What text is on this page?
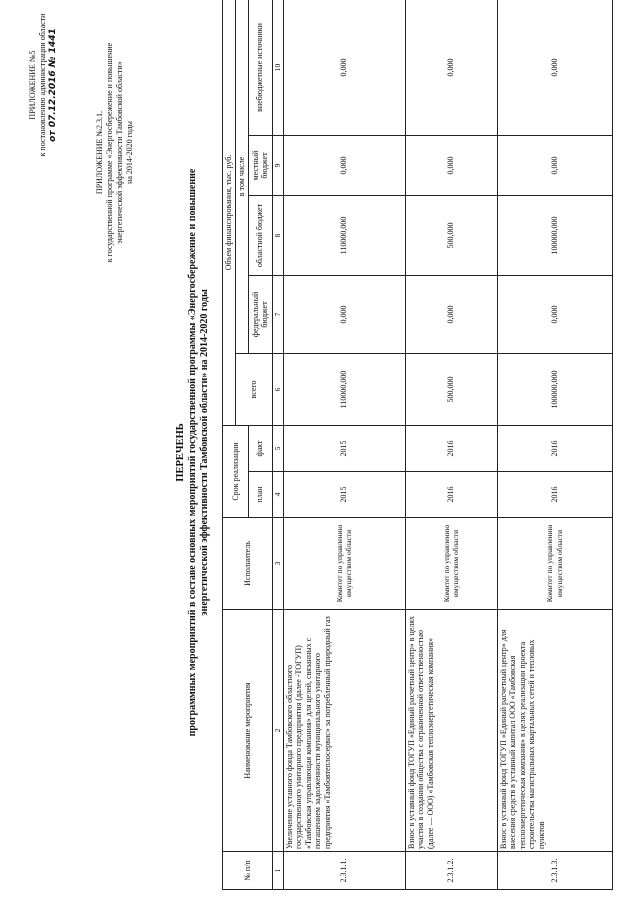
ПРИЛОЖЕНИЕ №5 к постановлению администрации области от 07.12.2016 № 1441
ПРИЛОЖЕНИЕ №2.3.1. к государственной программе «Энергосбережение и повышение энергетической эффективности Тамбовской области» на 2014-2020 годы
ПЕРЕЧЕНЬ программных мероприятий в составе основных мероприятий государственной программы «Энергосбережение и повышение энергетической эффективности Тамбовской области» на 2014-2020 годы
№ п/п	Наименование мероприятия	Исполнитель	Срок реализации		Объем финансирования, тыс. руб.				
					всего	в том числе			
			план	факт		федеральный бюджет	областной бюджет	местный бюджет	внебюджетные источники
1	2	3	4	5	6	7	8	9	10
2.3.1.1.	Увеличение уставного фонда Тамбовского областного государственного унитарного предприятия (далее -ТОГУП) «Тамбовская управляющая компания» для целей, связанных с погашением задолженности муниципального унитарного предприятия «Тамбовтеплосервис» за потребленный природный газ	Комитет по управлению имуществом области	2015	2015	110000,000	0,000	110000,000	0,000	0,000
2.3.1.2.	Взнос в уставный фонд ТОГУП «Единый расчетный центр» в целях участия в создании общества с ограниченной ответственностью (далее — ООО) «Тамбовская теплоэнергетическая компания»	Комитет по управлению имуществом области	2016	2016	500,000	0,000	500,000	0,000	0,000
2.3.1.3.	Взнос в уставный фонд ТОГУП «Единый расчетный центр» для внесения средств в уставный капитал ООО «Тамбовская теплоэнергетическая компания» в целях реализации проекта строительства магистральных квартальных сетей и тепловых пунктов	Комитет по управлению имуществом области	2016	2016	100000,000	0,000	100000,000	0,000	0,000
